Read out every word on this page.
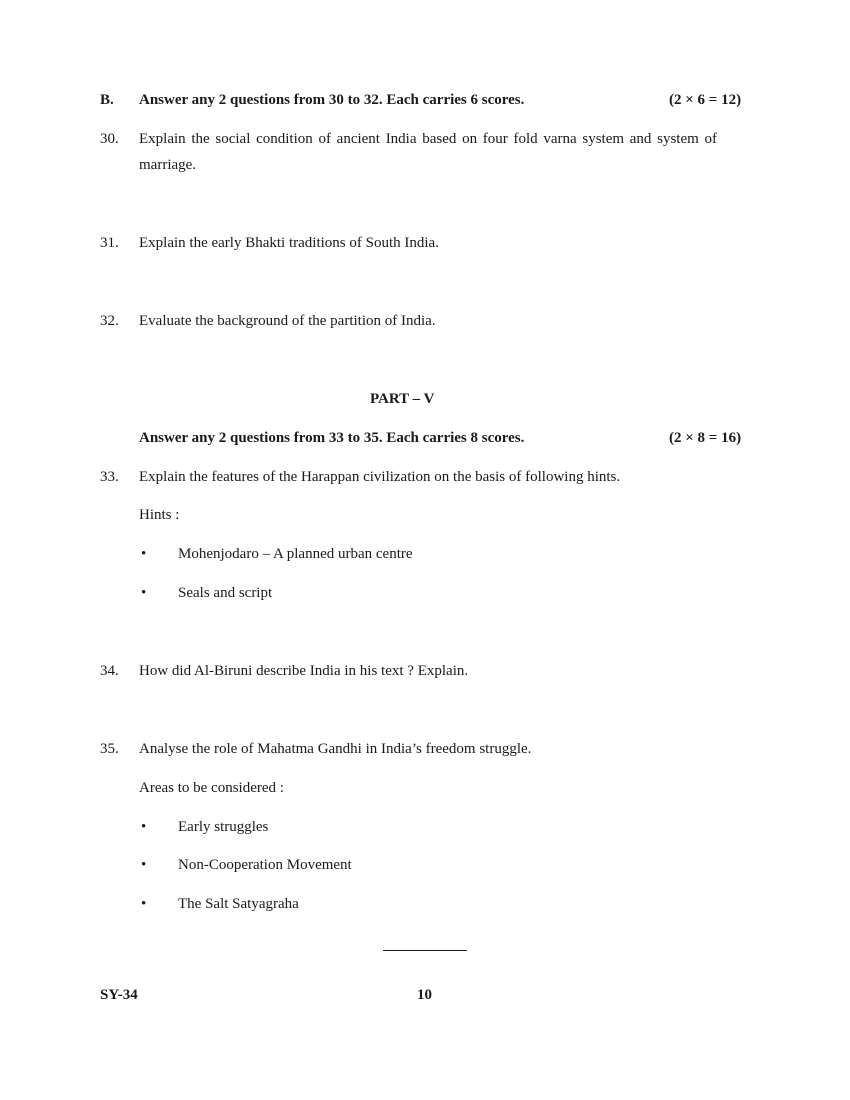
B. Answer any 2 questions from 30 to 32. Each carries 6 scores.	(2 × 6 = 12)
30. Explain the social condition of ancient India based on four fold varna system and system of marriage.
31. Explain the early Bhakti traditions of South India.
32. Evaluate the background of the partition of India.
PART – V
Answer any 2 questions from 33 to 35. Each carries 8 scores.	(2 × 8 = 16)
33. Explain the features of the Harappan civilization on the basis of following hints.
Hints :
• Mohenjodaro – A planned urban centre
• Seals and script
34. How did Al-Biruni describe India in his text ? Explain.
35. Analyse the role of Mahatma Gandhi in India’s freedom struggle.
Areas to be considered :
• Early struggles
• Non-Cooperation Movement
• The Salt Satyagraha
SY-34	10
